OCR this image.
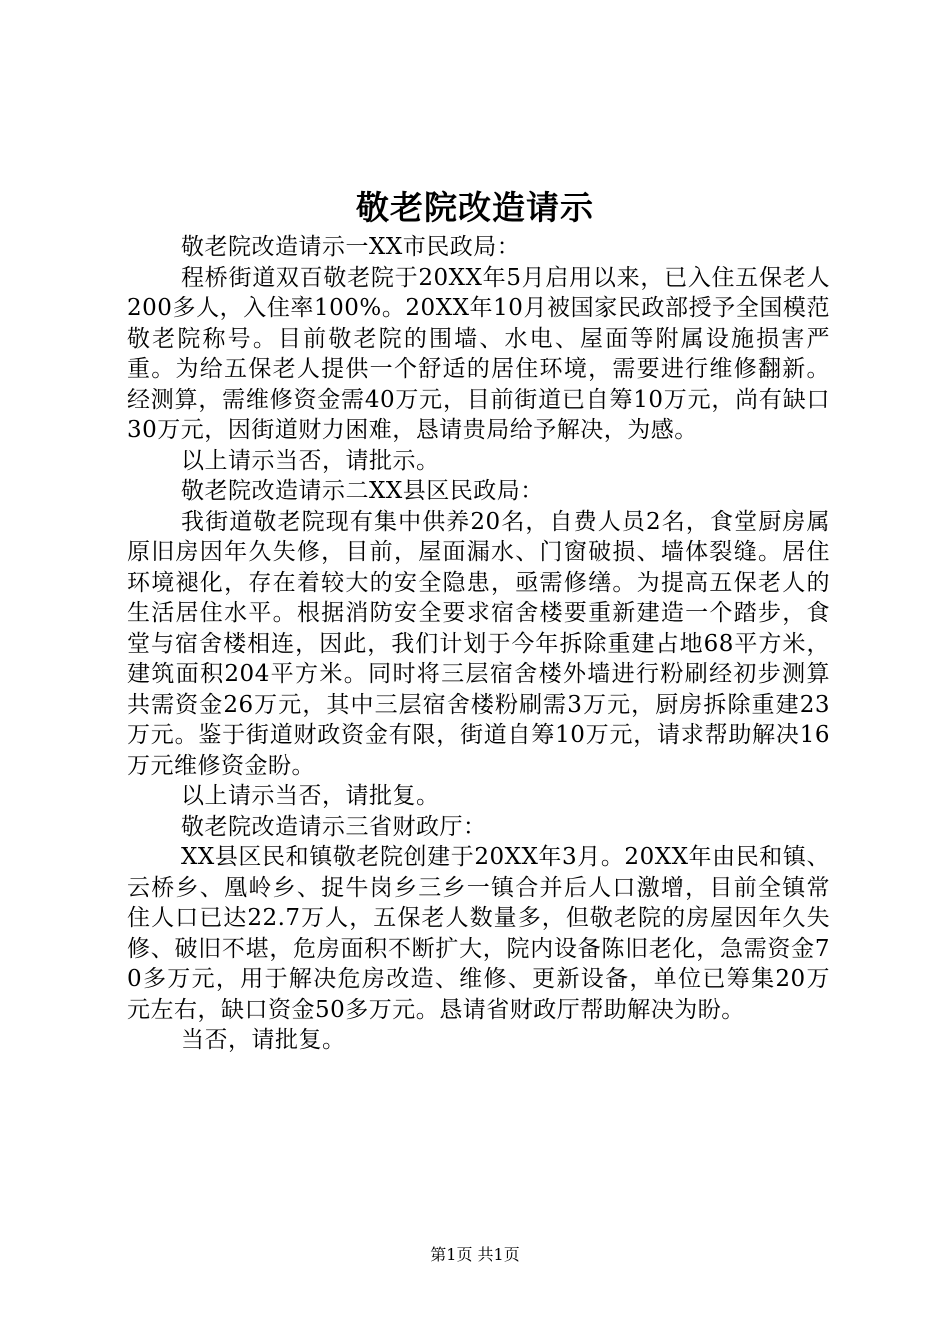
敬老院改造请示

敬老院改造请示一XX市民政局：

程桥街道双百敬老院于20XX年5月启用以来，已入住五保老人200多人，入住率100%。20XX年10月被国家民政部授予全国模范敬老院称号。目前敬老院的围墙、水电、屋面等附属设施损害严重。为给五保老人提供一个舒适的居住环境，需要进行维修翻新。经测算，需维修资金需40万元，目前街道已自筹10万元，尚有缺口30万元，因街道财力困难，恳请贵局给予解决，为感。

以上请示当否，请批示。

敬老院改造请示二XX县区民政局：

我街道敬老院现有集中供养20名，自费人员2名，食堂厨房属原旧房因年久失修，目前，屋面漏水、门窗破损、墙体裂缝。居住环境褪化，存在着较大的安全隐患，亟需修缮。为提高五保老人的生活居住水平。根据消防安全要求宿舍楼要重新建造一个踏步，食堂与宿舍楼相连，因此，我们计划于今年拆除重建占地68平方米，建筑面积204平方米。同时将三层宿舍楼外墙进行粉刷经初步测算共需资金26万元，其中三层宿舍楼粉刷需3万元，厨房拆除重建23万元。鉴于街道财政资金有限，街道自筹10万元，请求帮助解决16万元维修资金盼。

以上请示当否，请批复。

敬老院改造请示三省财政厅：

XX县区民和镇敬老院创建于20XX年3月。20XX年由民和镇、云桥乡、凰岭乡、捉牛岗乡三乡一镇合并后人口激增，目前全镇常住人口已达22.7万人，五保老人数量多，但敬老院的房屋因年久失修、破旧不堪，危房面积不断扩大，院内设备陈旧老化，急需资金70多万元，用于解决危房改造、维修、更新设备，单位已筹集20万元左右，缺口资金50多万元。恳请省财政厅帮助解决为盼。

当否，请批复。

第1页 共1页
